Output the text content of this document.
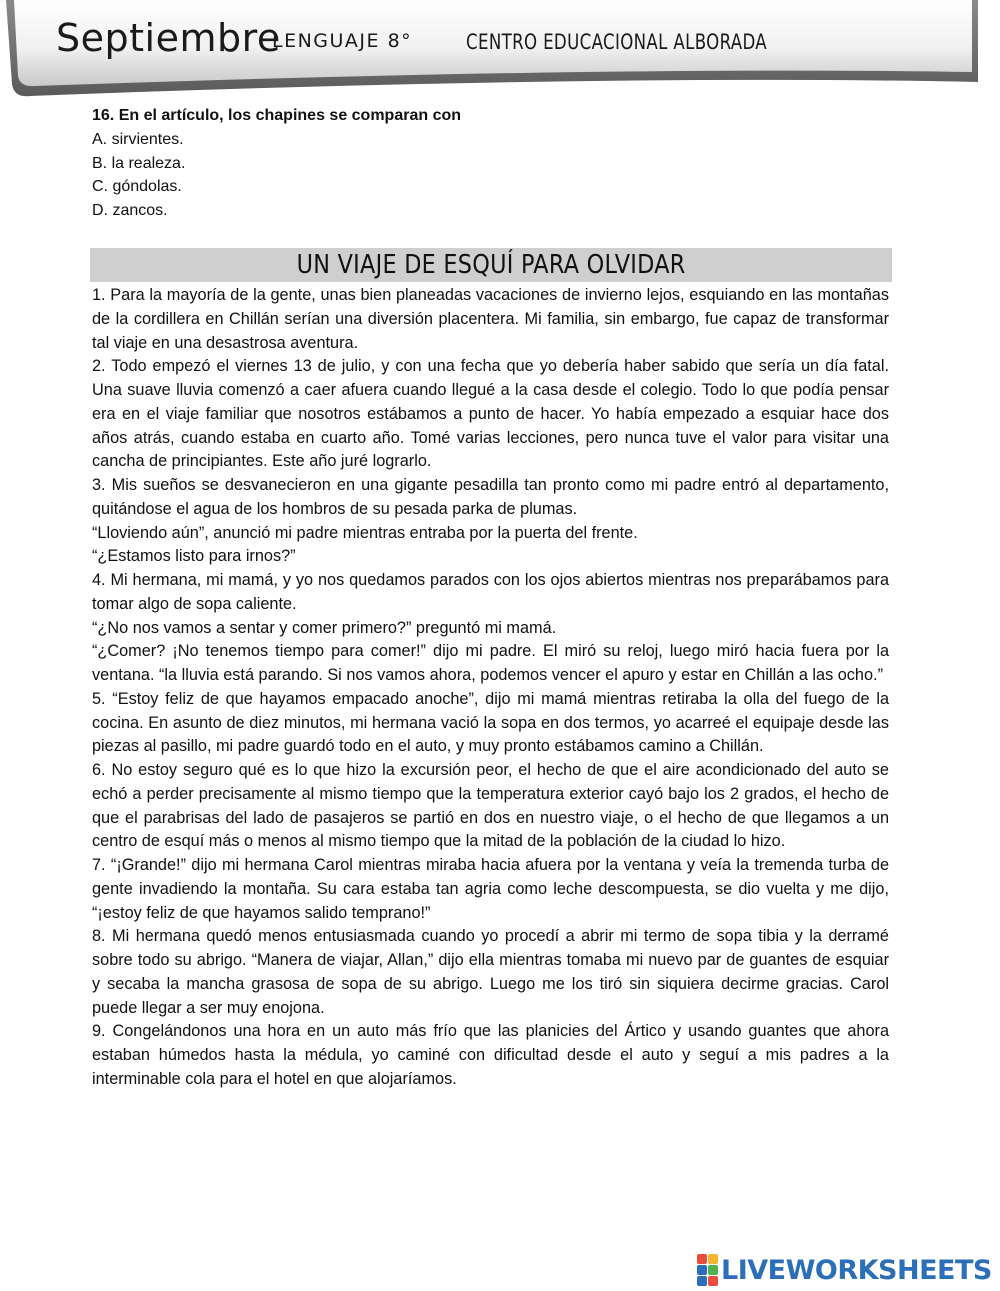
Septiembre
LENGUAJE 8°	CENTRO EDUCACIONAL ALBORADA
16. En el artículo, los chapines se comparan con
A. sirvientes.
B. la realeza.
C. góndolas.
D. zancos.
UN VIAJE DE ESQUÍ PARA OLVIDAR

1. Para la mayoría de la gente, unas bien planeadas vacaciones de invierno lejos, esquiando en las montañas de la cordillera en Chillán serían una diversión placentera. Mi familia, sin embargo, fue capaz de transformar tal viaje en una desastrosa aventura.

2. Todo empezó el viernes 13 de julio, y con una fecha que yo debería haber sabido que sería un día fatal. Una suave lluvia comenzó a caer afuera cuando llegué a la casa desde el colegio. Todo lo que podía pensar era en el viaje familiar que nosotros estábamos a punto de hacer. Yo había empezado a esquiar hace dos años atrás, cuando estaba en cuarto año. Tomé varias lecciones, pero nunca tuve el valor para visitar una cancha de principiantes. Este año juré lograrlo.

3. Mis sueños se desvanecieron en una gigante pesadilla tan pronto como mi padre entró al departamento, quitándose el agua de los hombros de su pesada parka de plumas.

“Lloviendo aún”, anunció mi padre mientras entraba por la puerta del frente.

“¿Estamos listo para irnos?”

4. Mi hermana, mi mamá, y yo nos quedamos parados con los ojos abiertos mientras nos preparábamos para tomar algo de sopa caliente.

“¿No nos vamos a sentar y comer primero?” preguntó mi mamá.

“¿Comer? ¡No tenemos tiempo para comer!” dijo mi padre. El miró su reloj, luego miró hacia fuera por la ventana. “la lluvia está parando. Si nos vamos ahora, podemos vencer el apuro y estar en Chillán a las ocho.”

5. “Estoy feliz de que hayamos empacado anoche”, dijo mi mamá mientras retiraba la olla del fuego de la cocina. En asunto de diez minutos, mi hermana vació la sopa en dos termos, yo acarreé el equipaje desde las piezas al pasillo, mi padre guardó todo en el auto, y muy pronto estábamos camino a Chillán.

6. No estoy seguro qué es lo que hizo la excursión peor, el hecho de que el aire acondicionado del auto se echó a perder precisamente al mismo tiempo que la temperatura exterior cayó bajo los 2 grados, el hecho de que el parabrisas del lado de pasajeros se partió en dos en nuestro viaje, o el hecho de que llegamos a un centro de esquí más o menos al mismo tiempo que la mitad de la población de la ciudad lo hizo.

7. “¡Grande!” dijo mi hermana Carol mientras miraba hacia afuera por la ventana y veía la tremenda turba de gente invadiendo la montaña. Su cara estaba tan agria como leche descompuesta, se dio vuelta y me dijo, “¡estoy feliz de que hayamos salido temprano!”

8. Mi hermana quedó menos entusiasmada cuando yo procedí a abrir mi termo de sopa tibia y la derramé sobre todo su abrigo. “Manera de viajar, Allan,” dijo ella mientras tomaba mi nuevo par de guantes de esquiar y secaba la mancha grasosa de sopa de su abrigo. Luego me los tiró sin siquiera decirme gracias. Carol puede llegar a ser muy enojona.

9. Congelándonos una hora en un auto más frío que las planicies del Ártico y usando guantes que ahora estaban húmedos hasta la médula, yo caminé con dificultad desde el auto y seguí a mis padres a la interminable cola para el hotel en que alojaríamos.

LIVEWORKSHEETS
